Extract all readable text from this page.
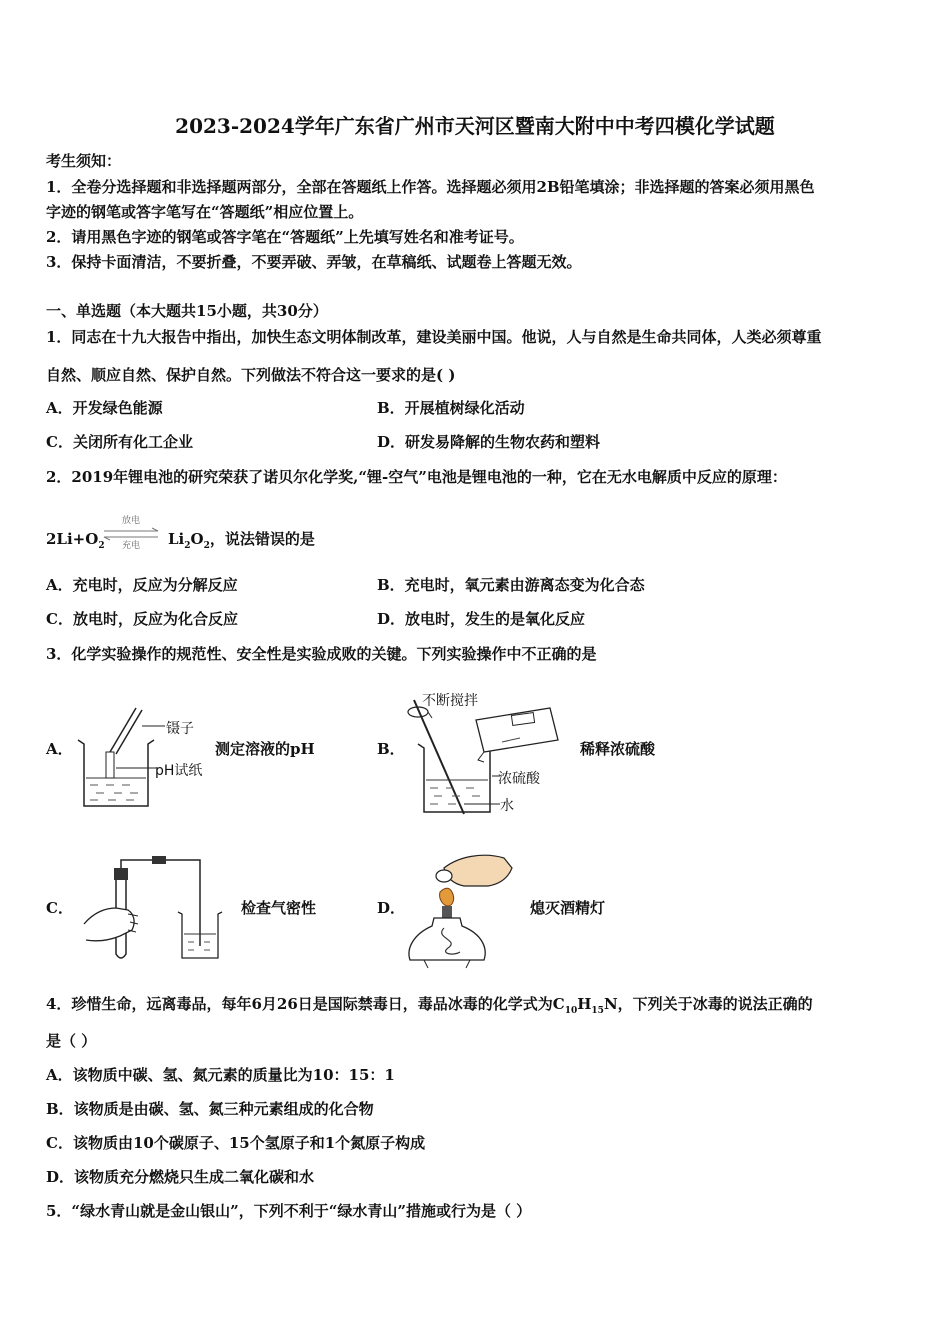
2023-2024学年广东省广州市天河区暨南大附中中考四模化学试题
考生须知：
1．全卷分选择题和非选择题两部分，全部在答题纸上作答。选择题必须用2B铅笔填涂；非选择题的答案必须用黑色
字迹的钢笔或答字笔写在“答题纸”相应位置上。
2．请用黑色字迹的钢笔或答字笔在“答题纸”上先填写姓名和准考证号。
3．保持卡面清洁，不要折叠，不要弄破、弄皱，在草稿纸、试题卷上答题无效。
一、单选题（本大题共15小题，共30分）
1．同志在十九大报告中指出，加快生态文明体制改革，建设美丽中国。他说，人与自然是生命共同体，人类必须尊重
自然、顺应自然、保护自然。下列做法不符合这一要求的是( )
A．开发绿色能源	B．开展植树绿化活动
C．关闭所有化工企业	D．研发易降解的生物农药和塑料
2．2019年锂电池的研究荣获了诺贝尔化学奖,“锂-空气”电池是锂电池的一种，它在无水电解质中反应的原理：
$2Li+O_2$
放电
充电	$Li_2O_2$，说法错误的是
A．充电时，反应为分解反应	B．充电时，氧元素由游离态变为化合态
C．放电时，反应为化合反应	D．放电时，发生的是氧化反应
3．化学实验操作的规范性、安全性是实验成败的关键。下列实验操作中不正确的是
A．
镊子
pH试纸
测定溶液的pH	B．
不断搅拌
浓硫酸
水
稀释浓硫酸
C．	检查气密性	D．	熄灭酒精灯
4．珍惜生命，远离毒品，每年6月26日是国际禁毒日，毒品冰毒的化学式为$C_{10}H_{15}N$，下列关于冰毒的说法正确的
是（ ）
A．该物质中碳、氢、氮元素的质量比为10：15：1
B．该物质是由碳、氢、氮三种元素组成的化合物
C．该物质由10个碳原子、15个氢原子和1个氮原子构成
D．该物质充分燃烧只生成二氧化碳和水
5．“绿水青山就是金山银山”，下列不利于“绿水青山”措施或行为是（ ）
